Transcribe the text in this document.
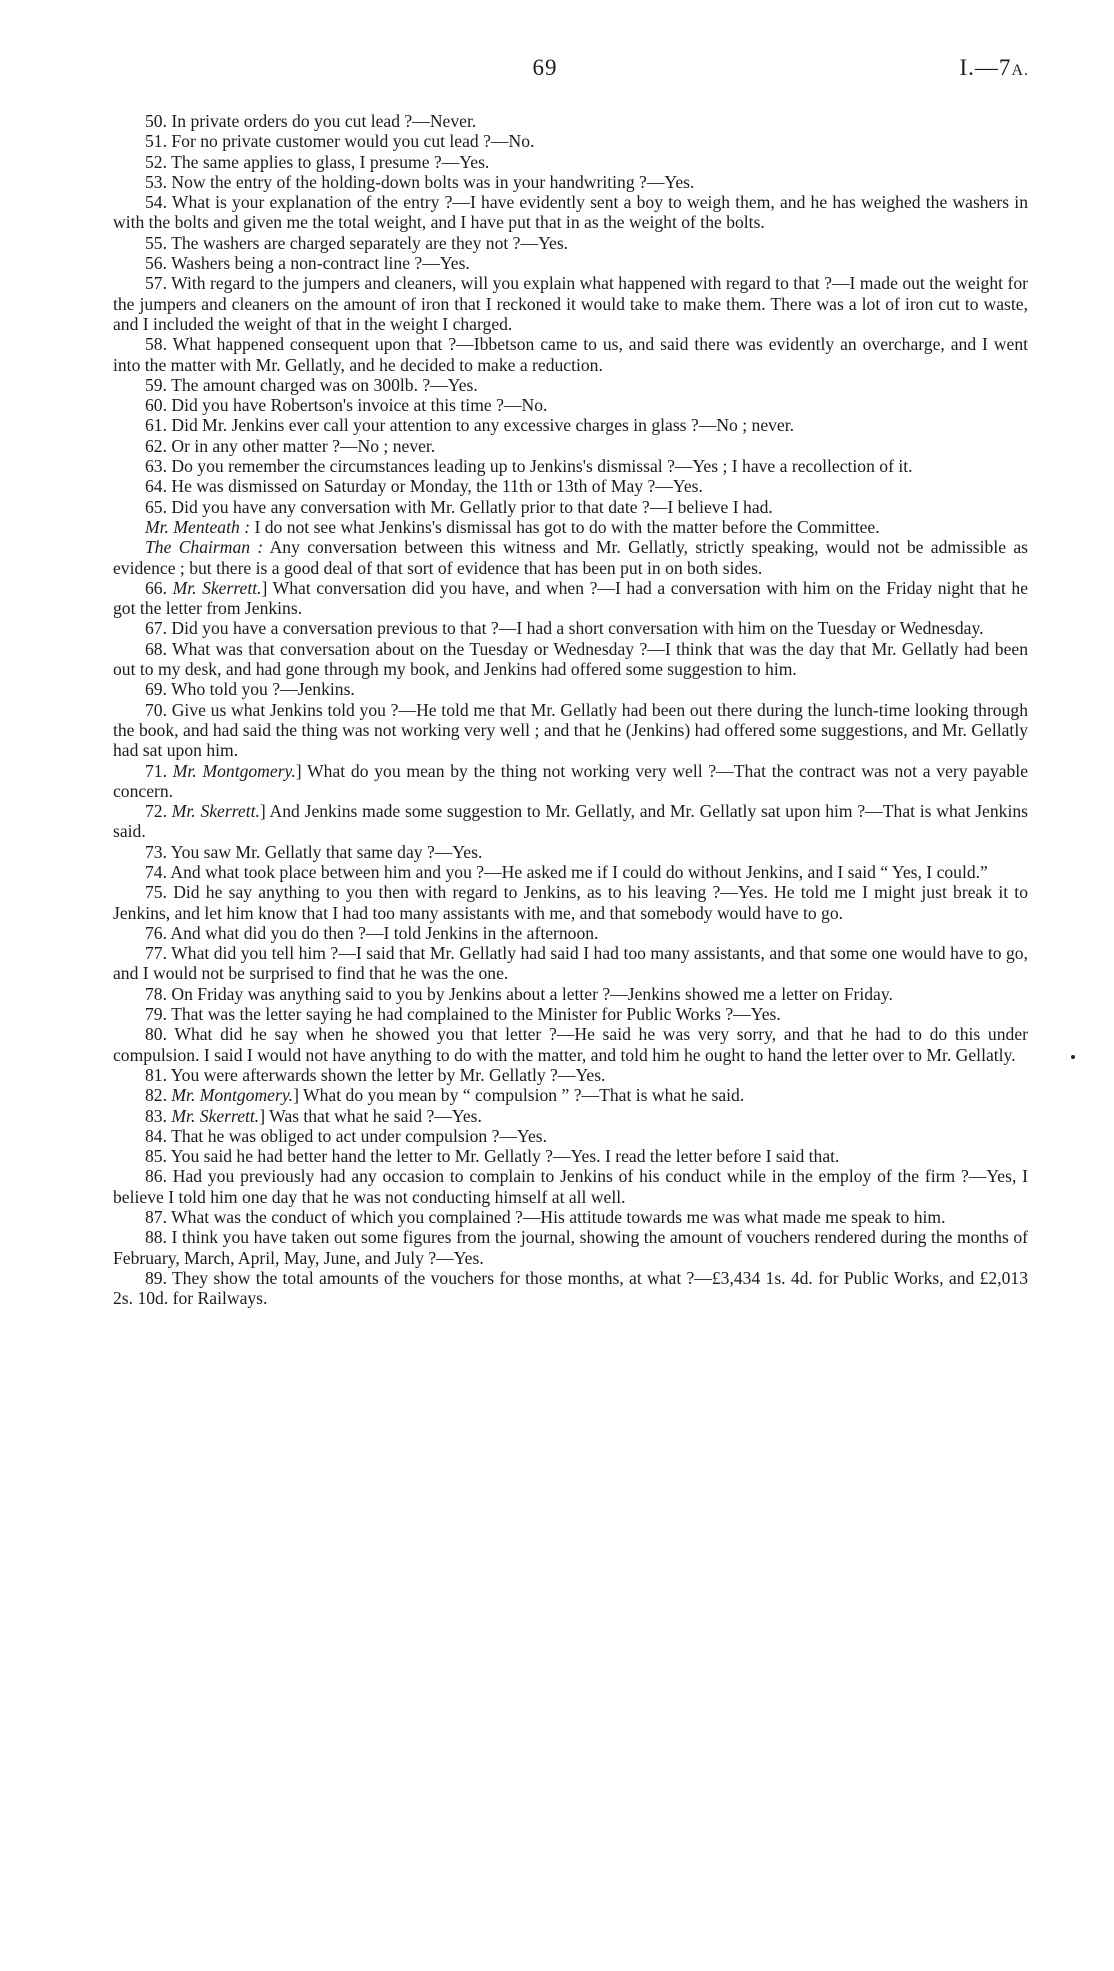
69	I.—7A.

50. In private orders do you cut lead ?—Never.

51. For no private customer would you cut lead ?—No.

52. The same applies to glass, I presume ?—Yes.

53. Now the entry of the holding-down bolts was in your handwriting ?—Yes.

54. What is your explanation of the entry ?—I have evidently sent a boy to weigh them, and he has weighed the washers in with the bolts and given me the total weight, and I have put that in as the weight of the bolts.

55. The washers are charged separately are they not ?—Yes.

56. Washers being a non-contract line ?—Yes.

57. With regard to the jumpers and cleaners, will you explain what happened with regard to that ?—I made out the weight for the jumpers and cleaners on the amount of iron that I reckoned it would take to make them. There was a lot of iron cut to waste, and I included the weight of that in the weight I charged.

58. What happened consequent upon that ?—Ibbetson came to us, and said there was evidently an overcharge, and I went into the matter with Mr. Gellatly, and he decided to make a reduction.

59. The amount charged was on 300lb. ?—Yes.

60. Did you have Robertson's invoice at this time ?—No.

61. Did Mr. Jenkins ever call your attention to any excessive charges in glass ?—No ; never.

62. Or in any other matter ?—No ; never.

63. Do you remember the circumstances leading up to Jenkins's dismissal ?—Yes ; I have a recollection of it.

64. He was dismissed on Saturday or Monday, the 11th or 13th of May ?—Yes.

65. Did you have any conversation with Mr. Gellatly prior to that date ?—I believe I had.

Mr. Menteath : I do not see what Jenkins's dismissal has got to do with the matter before the Committee.

The Chairman : Any conversation between this witness and Mr. Gellatly, strictly speaking, would not be admissible as evidence ; but there is a good deal of that sort of evidence that has been put in on both sides.

66. Mr. Skerrett.] What conversation did you have, and when ?—I had a conversation with him on the Friday night that he got the letter from Jenkins.

67. Did you have a conversation previous to that ?—I had a short conversation with him on the Tuesday or Wednesday.

68. What was that conversation about on the Tuesday or Wednesday ?—I think that was the day that Mr. Gellatly had been out to my desk, and had gone through my book, and Jenkins had offered some suggestion to him.

69. Who told you ?—Jenkins.

70. Give us what Jenkins told you ?—He told me that Mr. Gellatly had been out there during the lunch-time looking through the book, and had said the thing was not working very well ; and that he (Jenkins) had offered some suggestions, and Mr. Gellatly had sat upon him.

71. Mr. Montgomery.] What do you mean by the thing not working very well ?—That the contract was not a very payable concern.

72. Mr. Skerrett.] And Jenkins made some suggestion to Mr. Gellatly, and Mr. Gellatly sat upon him ?—That is what Jenkins said.

73. You saw Mr. Gellatly that same day ?—Yes.

74. And what took place between him and you ?—He asked me if I could do without Jenkins, and I said “ Yes, I could.”

75. Did he say anything to you then with regard to Jenkins, as to his leaving ?—Yes. He told me I might just break it to Jenkins, and let him know that I had too many assistants with me, and that somebody would have to go.

76. And what did you do then ?—I told Jenkins in the afternoon.

77. What did you tell him ?—I said that Mr. Gellatly had said I had too many assistants, and that some one would have to go, and I would not be surprised to find that he was the one.

78. On Friday was anything said to you by Jenkins about a letter ?—Jenkins showed me a letter on Friday.

79. That was the letter saying he had complained to the Minister for Public Works ?—Yes.

80. What did he say when he showed you that letter ?—He said he was very sorry, and that he had to do this under compulsion. I said I would not have anything to do with the matter, and told him he ought to hand the letter over to Mr. Gellatly.

81. You were afterwards shown the letter by Mr. Gellatly ?—Yes.

82. Mr. Montgomery.] What do you mean by “ compulsion ” ?—That is what he said.

83. Mr. Skerrett.] Was that what he said ?—Yes.

84. That he was obliged to act under compulsion ?—Yes.

85. You said he had better hand the letter to Mr. Gellatly ?—Yes. I read the letter before I said that.

86. Had you previously had any occasion to complain to Jenkins of his conduct while in the employ of the firm ?—Yes, I believe I told him one day that he was not conducting himself at all well.

87. What was the conduct of which you complained ?—His attitude towards me was what made me speak to him.

88. I think you have taken out some figures from the journal, showing the amount of vouchers rendered during the months of February, March, April, May, June, and July ?—Yes.

89. They show the total amounts of the vouchers for those months, at what ?—£3,434 1s. 4d. for Public Works, and £2,013 2s. 10d. for Railways.
